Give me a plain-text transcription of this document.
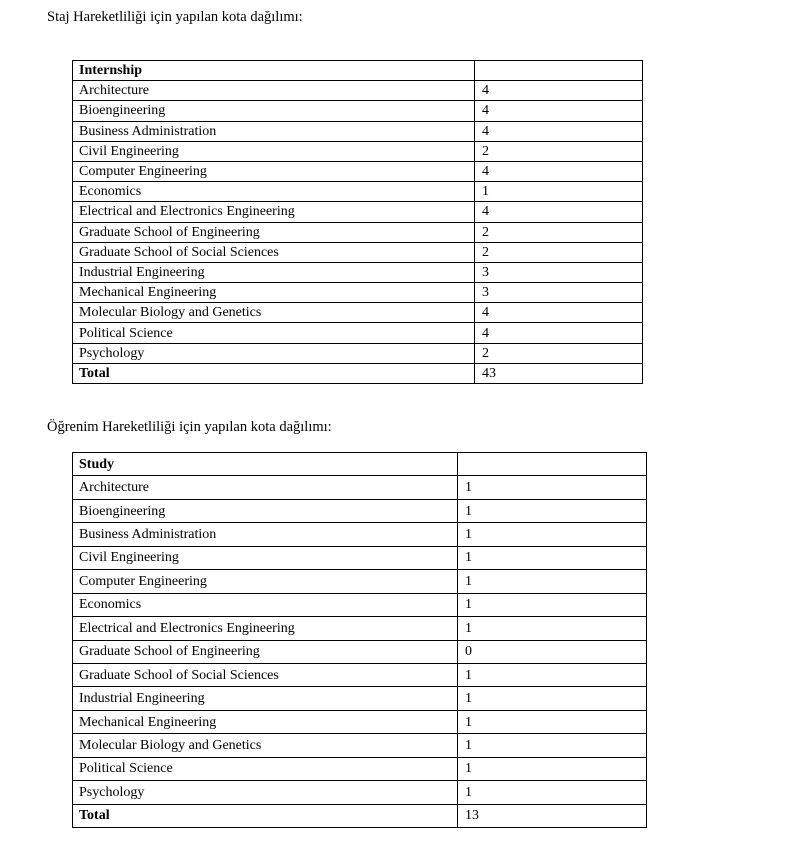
Staj Hareketliliği için yapılan kota dağılımı:

Internship	
Architecture	4
Bioengineering	4
Business Administration	4
Civil Engineering	2
Computer Engineering	4
Economics	1
Electrical and Electronics Engineering	4
Graduate School of Engineering	2
Graduate School of Social Sciences	2
Industrial Engineering	3
Mechanical Engineering	3
Molecular Biology and Genetics	4
Political Science	4
Psychology	2
Total	43

Öğrenim Hareketliliği için yapılan kota dağılımı:

Study	
Architecture	1
Bioengineering	1
Business Administration	1
Civil Engineering	1
Computer Engineering	1
Economics	1
Electrical and Electronics Engineering	1
Graduate School of Engineering	0
Graduate School of Social Sciences	1
Industrial Engineering	1
Mechanical Engineering	1
Molecular Biology and Genetics	1
Political Science	1
Psychology	1
Total	13
